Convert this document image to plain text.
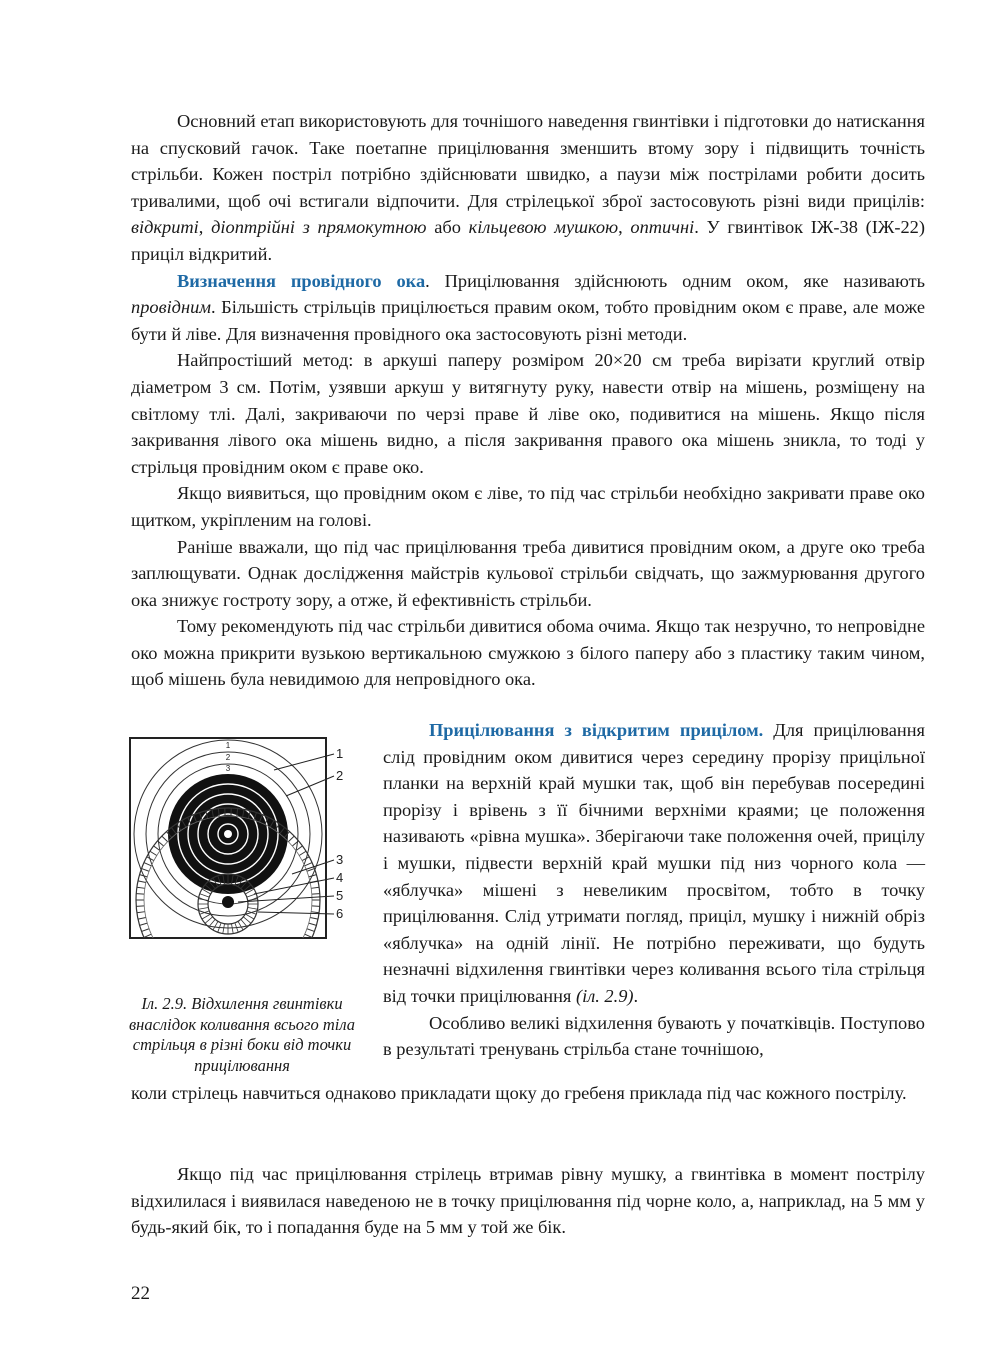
Основний етап використовують для точнішого наведення гвинтівки і підготовки до натискання на спусковий гачок. Таке поетапне прицілювання зменшить втому зору і підвищить точність стрільби. Кожен постріл потрібно здійснювати швидко, а паузи між пострілами робити досить тривалими, щоб очі встигали відпочити. Для стрілецької зброї застосовують різні види прицілів: відкриті, діоптрійні з прямокутною або кільцевою мушкою, оптичні. У гвинтівок ІЖ-38 (ІЖ-22) приціл відкритий.

Визначення провідного ока. Прицілювання здійснюють одним оком, яке називають провідним. Більшість стрільців прицілюється правим оком, тобто провідним оком є праве, але може бути й ліве. Для визначення провідного ока застосовують різні методи.

Найпростіший метод: в аркуші паперу розміром 20×20 см треба вирізати круглий отвір діаметром 3 см. Потім, узявши аркуш у витягнуту руку, навести отвір на мішень, розміщену на світлому тлі. Далі, закриваючи по черзі праве й ліве око, подивитися на мішень. Якщо після закривання лівого ока мішень видно, а після закривання правого ока мішень зникла, то тоді у стрільця провідним оком є праве око.

Якщо виявиться, що провідним оком є ліве, то під час стрільби необхідно закривати праве око щитком, укріпленим на голові.

Раніше вважали, що під час прицілювання треба дивитися провідним оком, а друге око треба заплющувати. Однак дослідження майстрів кульової стрільби свідчать, що зажмурювання другого ока знижує гостроту зору, а отже, й ефективність стрільби.

Тому рекомендують під час стрільби дивитися обома очима. Якщо так незручно, то непровідне око можна прикрити вузькою вертикальною смужкою з білого паперу або з пластику таким чином, щоб мішень була невидимою для непровідного ока.

1
2
3
4
5
6
1
2
3
Іл. 2.9. Відхилення гвинтівки внаслідок коливання всього тіла стрільця в різні боки від точки прицілювання

Прицілювання з відкритим прицілом. Для прицілювання слід провідним оком дивитися через середину прорізу прицільної планки на верхній край мушки так, щоб він перебував посередині прорізу і врівень з її бічними верхніми краями; це положення називають «рівна мушка». Зберігаючи таке положення очей, прицілу і мушки, підвести верхній край мушки під низ чорного кола — «яблучка» мішені з невеликим просвітом, тобто в точку прицілювання. Слід утримати погляд, приціл, мушку і нижній обріз «яблучка» на одній лінії. Не потрібно переживати, що будуть незначні відхилення гвинтівки через коливання всього тіла стрільця від точки прицілювання (іл. 2.9).

Особливо великі відхилення бувають у початківців. Поступово в результаті тренувань стрільба стане точнішою,

коли стрілець навчиться однаково прикладати щоку до гребеня приклада під час кожного пострілу.

Якщо під час прицілювання стрілець втримав рівну мушку, а гвинтівка в момент пострілу відхилилася і виявилася наведеною не в точку прицілювання під чорне коло, а, наприклад, на 5 мм у будь-який бік, то і попадання буде на 5 мм у той же бік.

22
